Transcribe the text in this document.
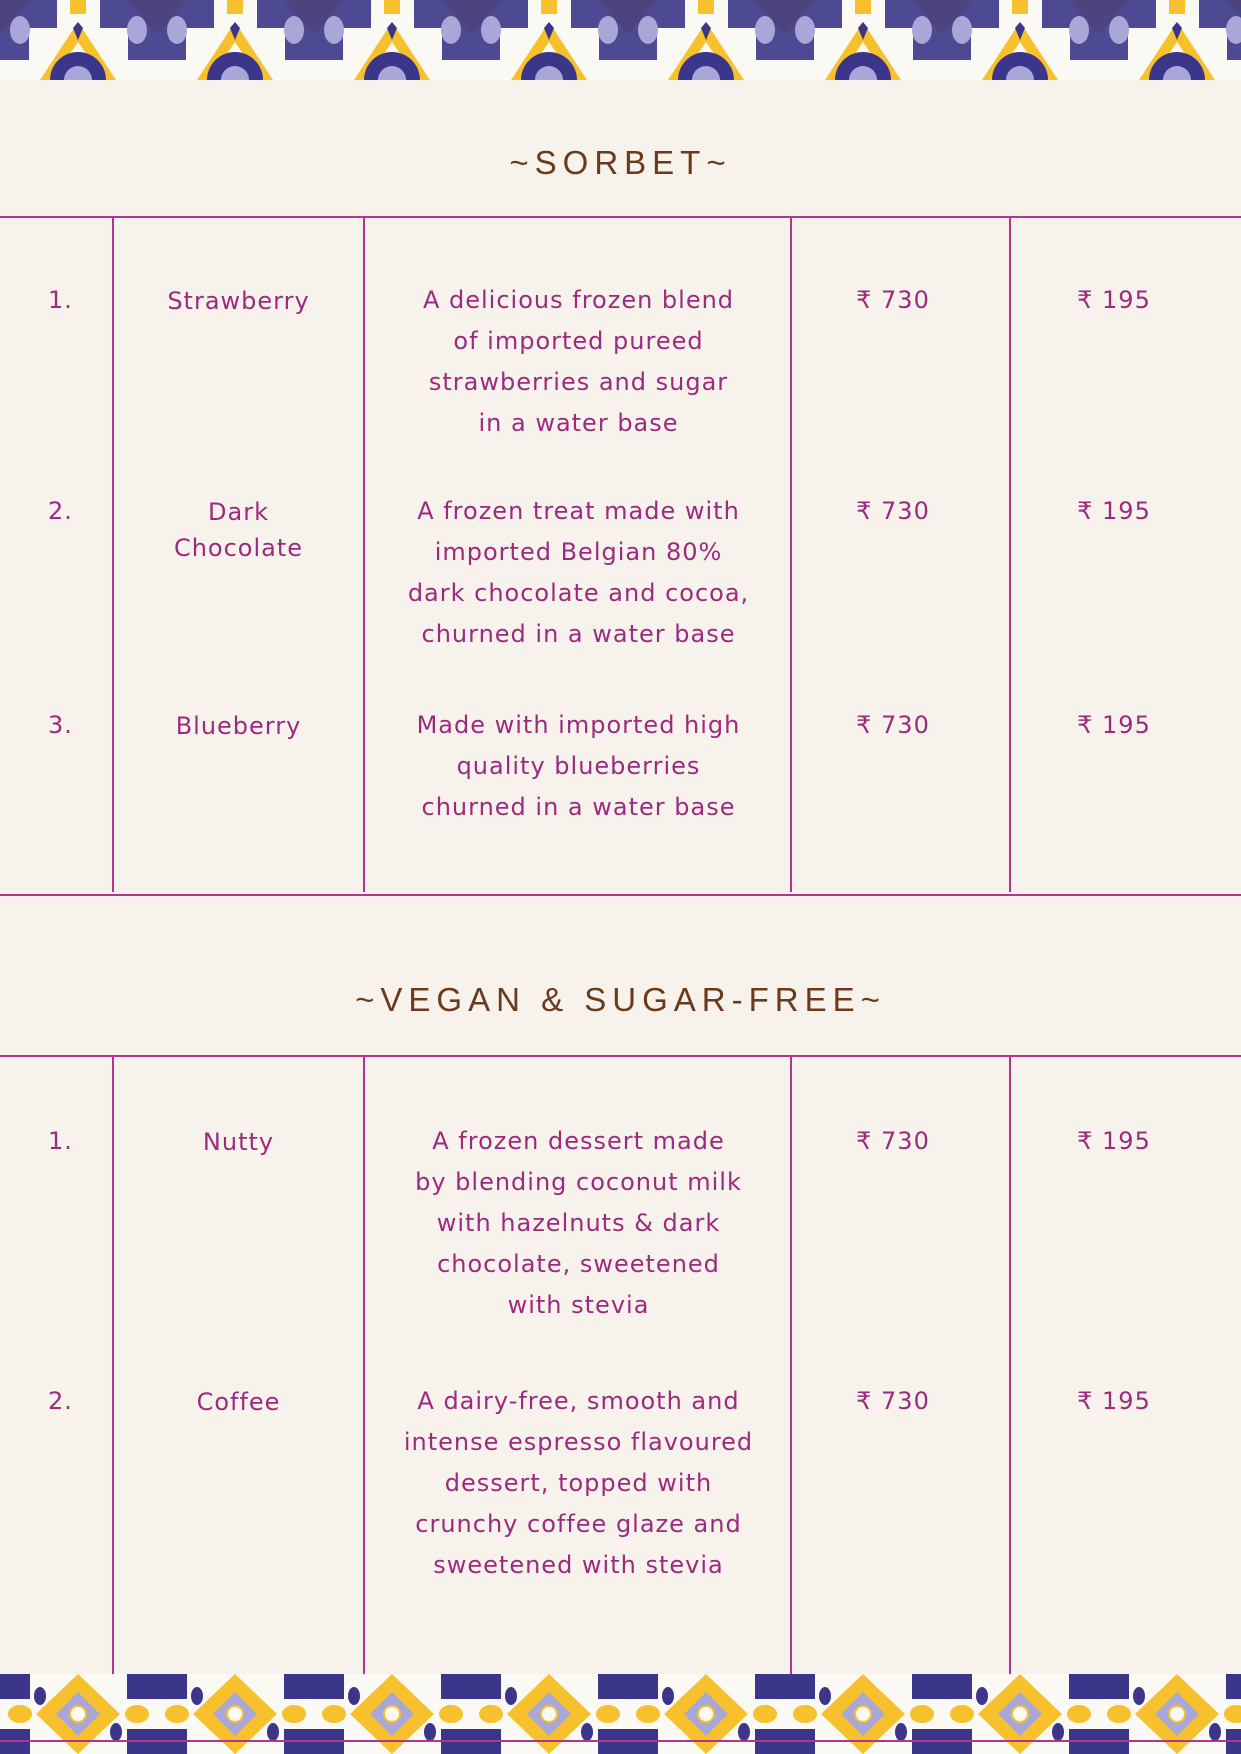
~SORBET~
1.	Strawberry	A delicious frozen blend
of imported pureed
strawberries and sugar
in a water base
₹ 730	₹ 195
2.	Dark
Chocolate
A frozen treat made with
imported Belgian 80%
dark chocolate and cocoa,
churned in a water base
₹ 730	₹ 195
3.	Blueberry	Made with imported high
quality blueberries
churned in a water base
₹ 730	₹ 195
~VEGAN & SUGAR-FREE~
1.	Nutty	A frozen dessert made
by blending coconut milk
with hazelnuts & dark
chocolate, sweetened
with stevia
₹ 730	₹ 195
2.	Coffee	A dairy-free, smooth and
intense espresso flavoured
dessert, topped with
crunchy coffee glaze and
sweetened with stevia
₹ 730	₹ 195
